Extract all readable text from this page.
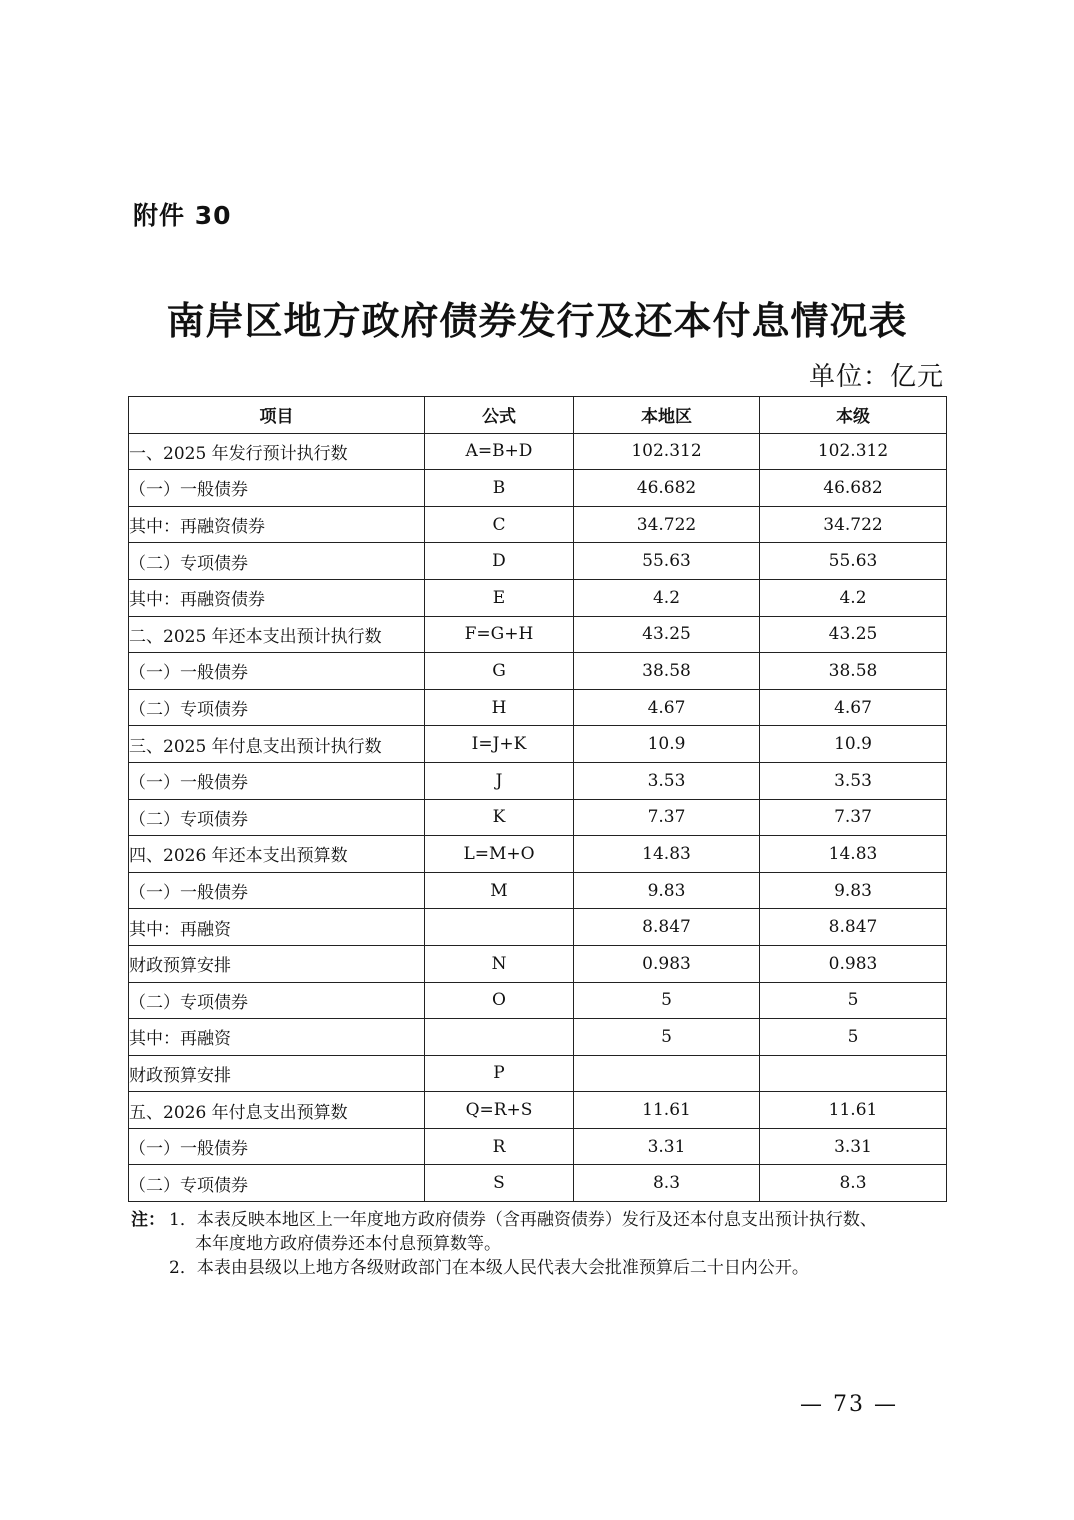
附件 30
南岸区地方政府债券发行及还本付息情况表
单位：亿元
项目	公式	本地区	本级
一、2025 年发行预计执行数	A=B+D	102.312	102.312
（一）一般债券	B	46.682	46.682
其中：再融资债券	C	34.722	34.722
（二）专项债券	D	55.63	55.63
其中：再融资债券	E	4.2	4.2
二、2025 年还本支出预计执行数	F=G+H	43.25	43.25
（一）一般债券	G	38.58	38.58
（二）专项债券	H	4.67	4.67
三、2025 年付息支出预计执行数	I=J+K	10.9	10.9
（一）一般债券	J	3.53	3.53
（二）专项债券	K	7.37	7.37
四、2026 年还本支出预算数	L=M+O	14.83	14.83
（一）一般债券	M	9.83	9.83
其中：再融资		8.847	8.847
财政预算安排	N	0.983	0.983
（二）专项债券	O	5	5
其中：再融资		5	5
财政预算安排	P		
五、2026 年付息支出预算数	Q=R+S	11.61	11.61
（一）一般债券	R	3.31	3.31
（二）专项债券	S	8.3	8.3
注： 1．本表反映本地区上一年度地方政府债券（含再融资债券）发行及还本付息支出预计执行数、
本年度地方政府债券还本付息预算数等。
2．本表由县级以上地方各级财政部门在本级人民代表大会批准预算后二十日内公开。
— 73 —
